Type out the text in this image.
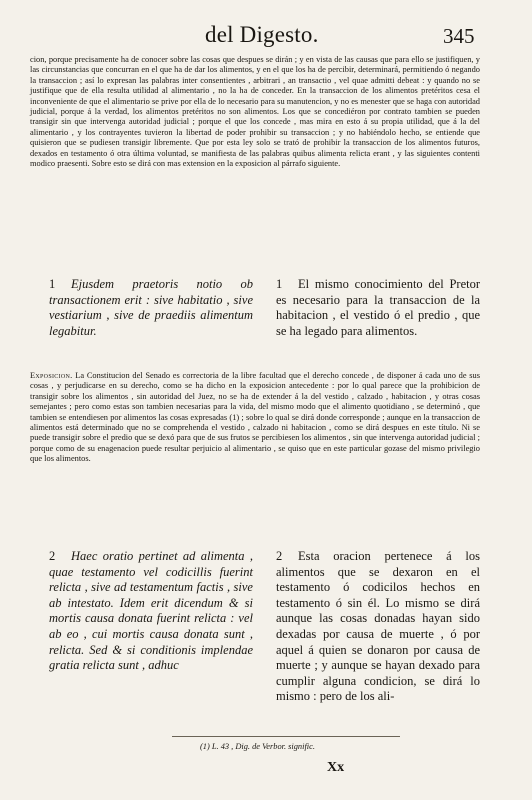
del Digesto.	345

cion, porque precisamente ha de conocer sobre las cosas que despues se dirán ; y en vista de las causas que para ello se justifiquen, y las circunstancias que concurran en el que ha de dar los alimentos, y en el que los ha de percibir, determinará, permitiendo ó negando la transaccion ; así lo expresan las palabras inter consentientes , arbitrari , an transactio , vel quae admitti debeat : y quando no se justifique que de ella resulta utilidad al alimentario , no la ha de conceder. En la transaccion de los alimentos pretéritos cesa el inconveniente de que el alimentario se prive por ella de lo necesario para su manutencion, y no es menester que se haga con autoridad judicial, porque á la verdad, los alimentos pretéritos no son alimentos. Los que se concediéron por contrato tambien se pueden transigir sin que intervenga autoridad judicial ; porque el que los concede , mas mira en esto á su propia utilidad, que á la del alimentario , y los contrayentes tuvieron la libertad de poder prohibir su transaccion ; y no habiéndolo hecho, se entiende que quisieron que se pudiesen transigir libremente. Que por esta ley solo se trató de prohibir la transaccion de los alimentos futuros, dexados en testamento ó otra última voluntad, se manifiesta de las palabras quibus alimenta relicta erant , y las siguientes contenti modico praesenti. Sobre esto se dirá con mas extension en la exposicion al párrafo siguiente.

1 Ejusdem praetoris notio ob transactionem erit : sive habitatio , sive vestiarium , sive de praediis alimentum legabitur.
1 El mismo conocimiento del Pretor es necesario para la transaccion de la habitacion , el vestido ó el predio , que se ha legado para alimentos.

Exposicion. La Constitucion del Senado es correctoria de la libre facultad que el derecho concede , de disponer á cada uno de sus cosas , y perjudicarse en su derecho, como se ha dicho en la exposicion antecedente : por lo qual parece que la prohibicion de transigir sobre los alimentos , sin autoridad del Juez, no se ha de extender á la del vestido , calzado , habitacion , y otras cosas semejantes ; pero como estas son tambien necesarias para la vida, del mismo modo que el alimento quotidiano , se determinó , que tambien se entendiesen por alimentos las cosas expresadas (1) ; sobre lo qual se dirá donde corresponde ; aunque en la transaccion de alimentos está determinado que no se comprehenda el vestido , calzado ni habitacion , como se dirá despues en este título. Ni se puede transigir sobre el predio que se dexó para que de sus frutos se percibiesen los alimentos , sin que intervenga autoridad judicial ; porque como de su enagenacion puede resultar perjuicio al alimentario , se quiso que en este particular gozase del mismo privilegio que los alimentos.

2 Haec oratio pertinet ad alimenta , quae testamento vel codicillis fuerint relicta , sive ad testamentum factis , sive ab intestato. Idem erit dicendum & si mortis causa donata fuerint relicta : vel ab eo , cui mortis causa donata sunt , relicta. Sed & si conditionis implendae gratia relicta sunt , adhuc
2 Esta oracion pertenece á los alimentos que se dexaron en el testamento ó codicilos hechos en testamento ó sin él. Lo mismo se dirá aunque las cosas donadas hayan sido dexadas por causa de muerte , ó por aquel á quien se donaron por causa de muerte ; y aunque se hayan dexado para cumplir alguna condicion, se dirá lo mismo : pero de los ali-
(1) L. 43 , Dig. de Verbor. signific.
Xx
